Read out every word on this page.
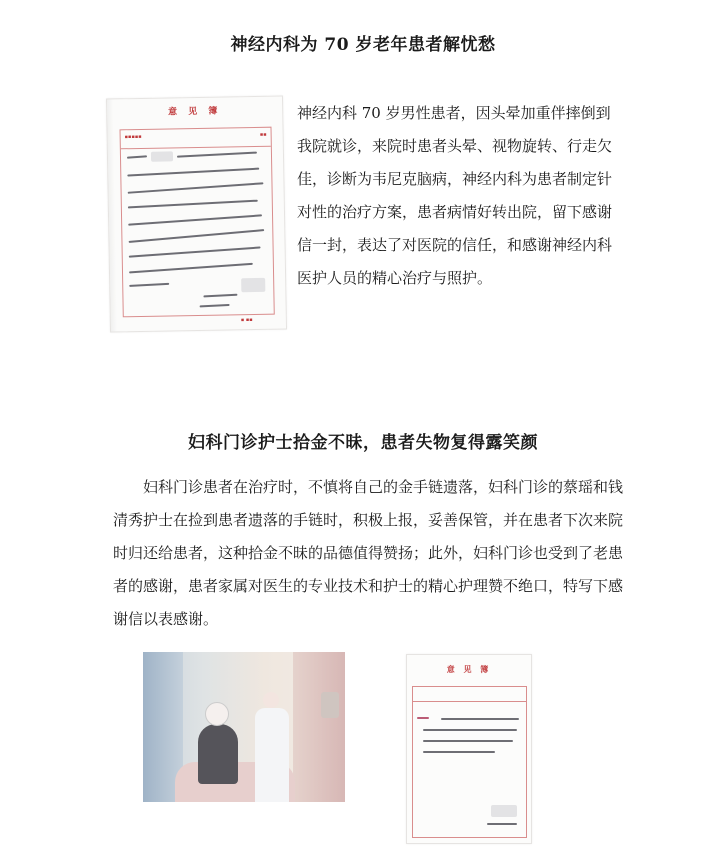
神经内科为 70 岁老年患者解忧愁
意 见 簿
▪▪▪▪▪	▪▪
▪ ▪▪

神经内科 70 岁男性患者，因头晕加重伴摔倒到我院就诊，来院时患者头晕、视物旋转、行走欠佳，诊断为韦尼克脑病，神经内科为患者制定针对性的治疗方案，患者病情好转出院，留下感谢信一封，表达了对医院的信任，和感谢神经内科医护人员的精心治疗与照护。

妇科门诊护士拾金不昧，患者失物复得露笑颜

妇科门诊患者在治疗时，不慎将自己的金手链遗落，妇科门诊的蔡瑶和钱清秀护士在捡到患者遗落的手链时，积极上报，妥善保管，并在患者下次来院时归还给患者，这种拾金不昧的品德值得赞扬；此外，妇科门诊也受到了老患者的感谢，患者家属对医生的专业技术和护士的精心护理赞不绝口，特写下感谢信以表感谢。

意 见 簿
